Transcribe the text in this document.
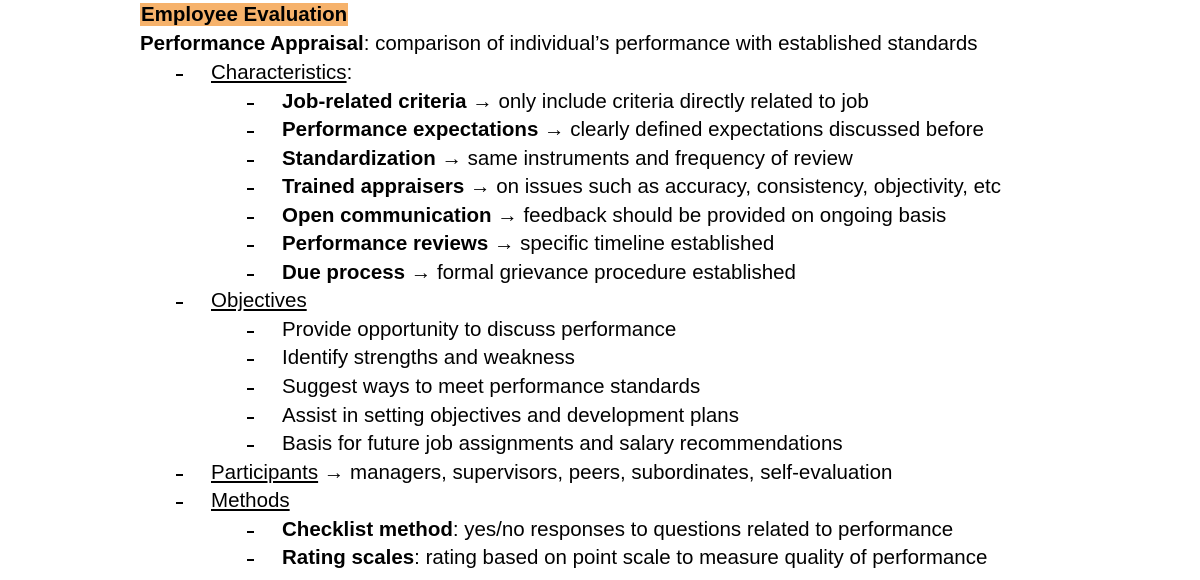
Employee Evaluation
Performance Appraisal: comparison of individual’s performance with established standards
Characteristics:
Job-related criteria → only include criteria directly related to job
Performance expectations → clearly defined expectations discussed before
Standardization → same instruments and frequency of review
Trained appraisers → on issues such as accuracy, consistency, objectivity, etc
Open communication → feedback should be provided on ongoing basis
Performance reviews → specific timeline established
Due process → formal grievance procedure established
Objectives
Provide opportunity to discuss performance
Identify strengths and weakness
Suggest ways to meet performance standards
Assist in setting objectives and development plans
Basis for future job assignments and salary recommendations
Participants → managers, supervisors, peers, subordinates, self-evaluation
Methods
Checklist method: yes/no responses to questions related to performance
Rating scales: rating based on point scale to measure quality of performance
